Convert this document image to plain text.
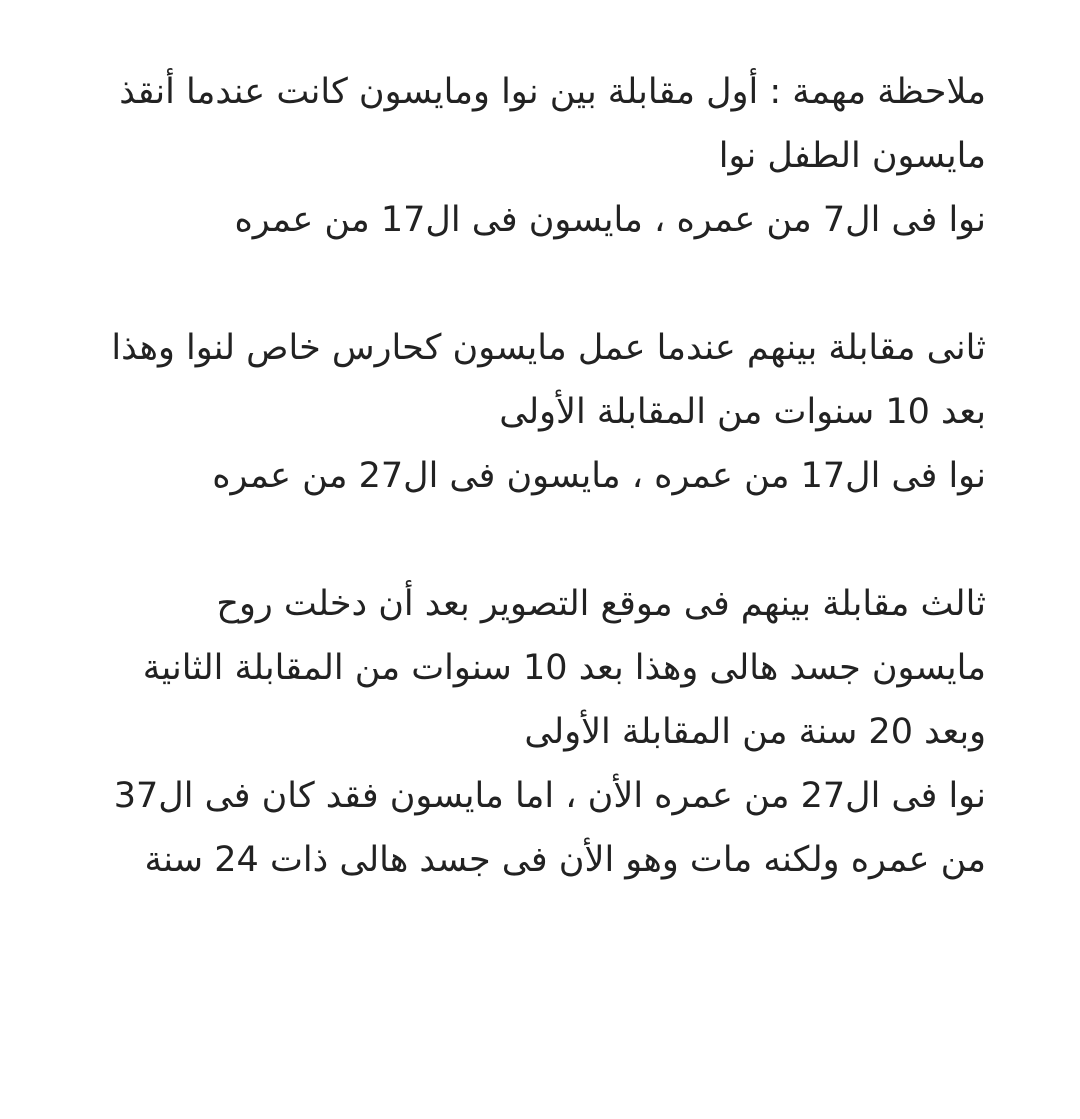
ملاحظة مهمة : أول مقابلة بين نوا ومايسون كانت عندما أنقذ
مايسون الطفل نوا
نوا فى ال7 من عمره ، مايسون فى ال17 من عمره
ثانى مقابلة بينهم عندما عمل مايسون كحارس خاص لنوا وهذا
بعد 10 سنوات من المقابلة الأولى
نوا فى ال17 من عمره ، مايسون فى ال27 من عمره
ثالث مقابلة بينهم فى موقع التصوير بعد أن دخلت روح
مايسون جسد هالى وهذا بعد 10 سنوات من المقابلة الثانية
وبعد 20 سنة من المقابلة الأولى
نوا فى ال27 من عمره الأن ، اما مايسون فقد كان فى ال37
من عمره ولكنه مات وهو الأن فى جسد هالى ذات 24 سنة
